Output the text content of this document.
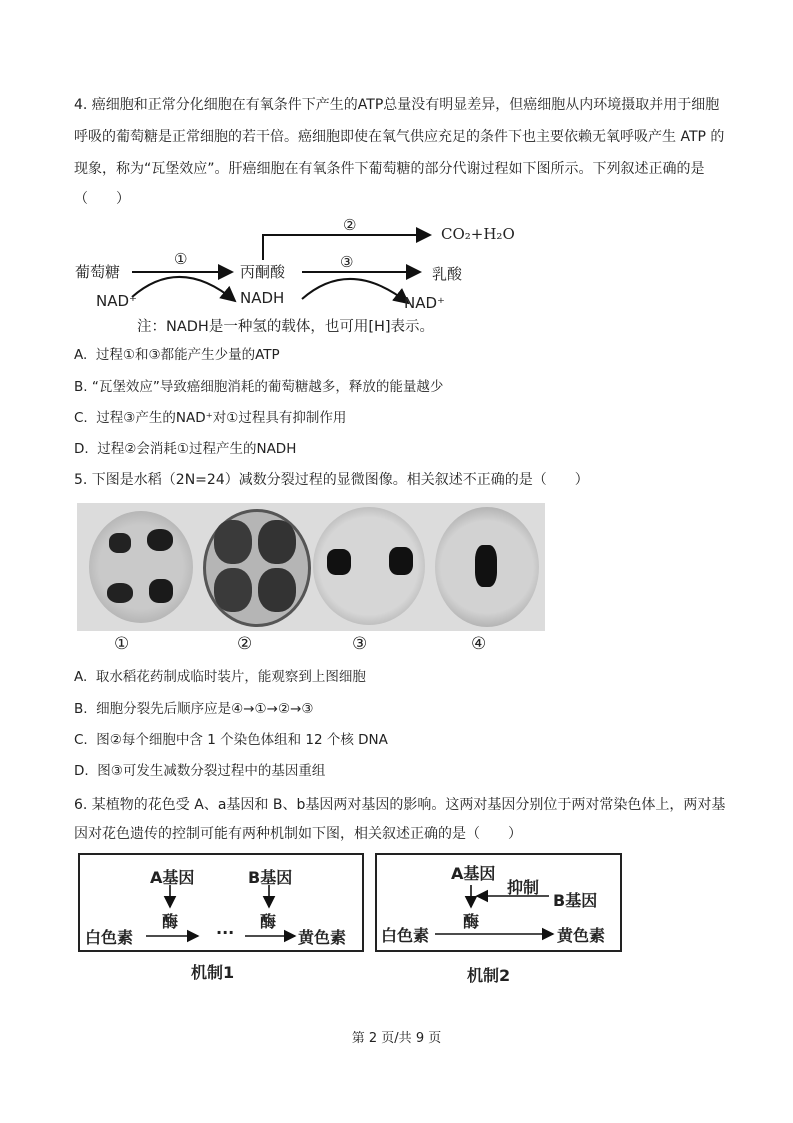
4. 癌细胞和正常分化细胞在有氧条件下产生的ATP总量没有明显差异，但癌细胞从内环境摄取并用于细胞
呼吸的葡萄糖是正常细胞的若干倍。癌细胞即使在氧气供应充足的条件下也主要依赖无氧呼吸产生 ATP 的
现象，称为“瓦堡效应”。肝癌细胞在有氧条件下葡萄糖的部分代谢过程如下图所示。下列叙述正确的是
（　　）
葡萄糖
①
丙酮酸
②	CO₂+H₂O
③
乳酸
NAD⁺	NADH	NAD⁺
注：NADH是一种氢的载体，也可用[H]表示。
A.  过程①和③都能产生少量的ATP
B. “瓦堡效应”导致癌细胞消耗的葡萄糖越多，释放的能量越少
C.  过程③产生的NAD⁺对①过程具有抑制作用
D.  过程②会消耗①过程产生的NADH
5. 下图是水稻（2N=24）减数分裂过程的显微图像。相关叙述不正确的是（　　）
①	②	③	④
A.  取水稻花药制成临时装片，能观察到上图细胞
B.  细胞分裂先后顺序应是④→①→②→③
C.  图②每个细胞中含 1 个染色体组和 12 个核 DNA
D.  图③可发生减数分裂过程中的基因重组
6. 某植物的花色受 A、a基因和 B、b基因两对基因的影响。这两对基因分别位于两对常染色体上，两对基
因对花色遗传的控制可能有两种机制如下图，相关叙述正确的是（　　）
A基因	B基因
酶	酶
白色素	···	黄色素
机制1
A基因
抑制
B基因
酶
白色素	黄色素
机制2
第 2 页/共 9 页
